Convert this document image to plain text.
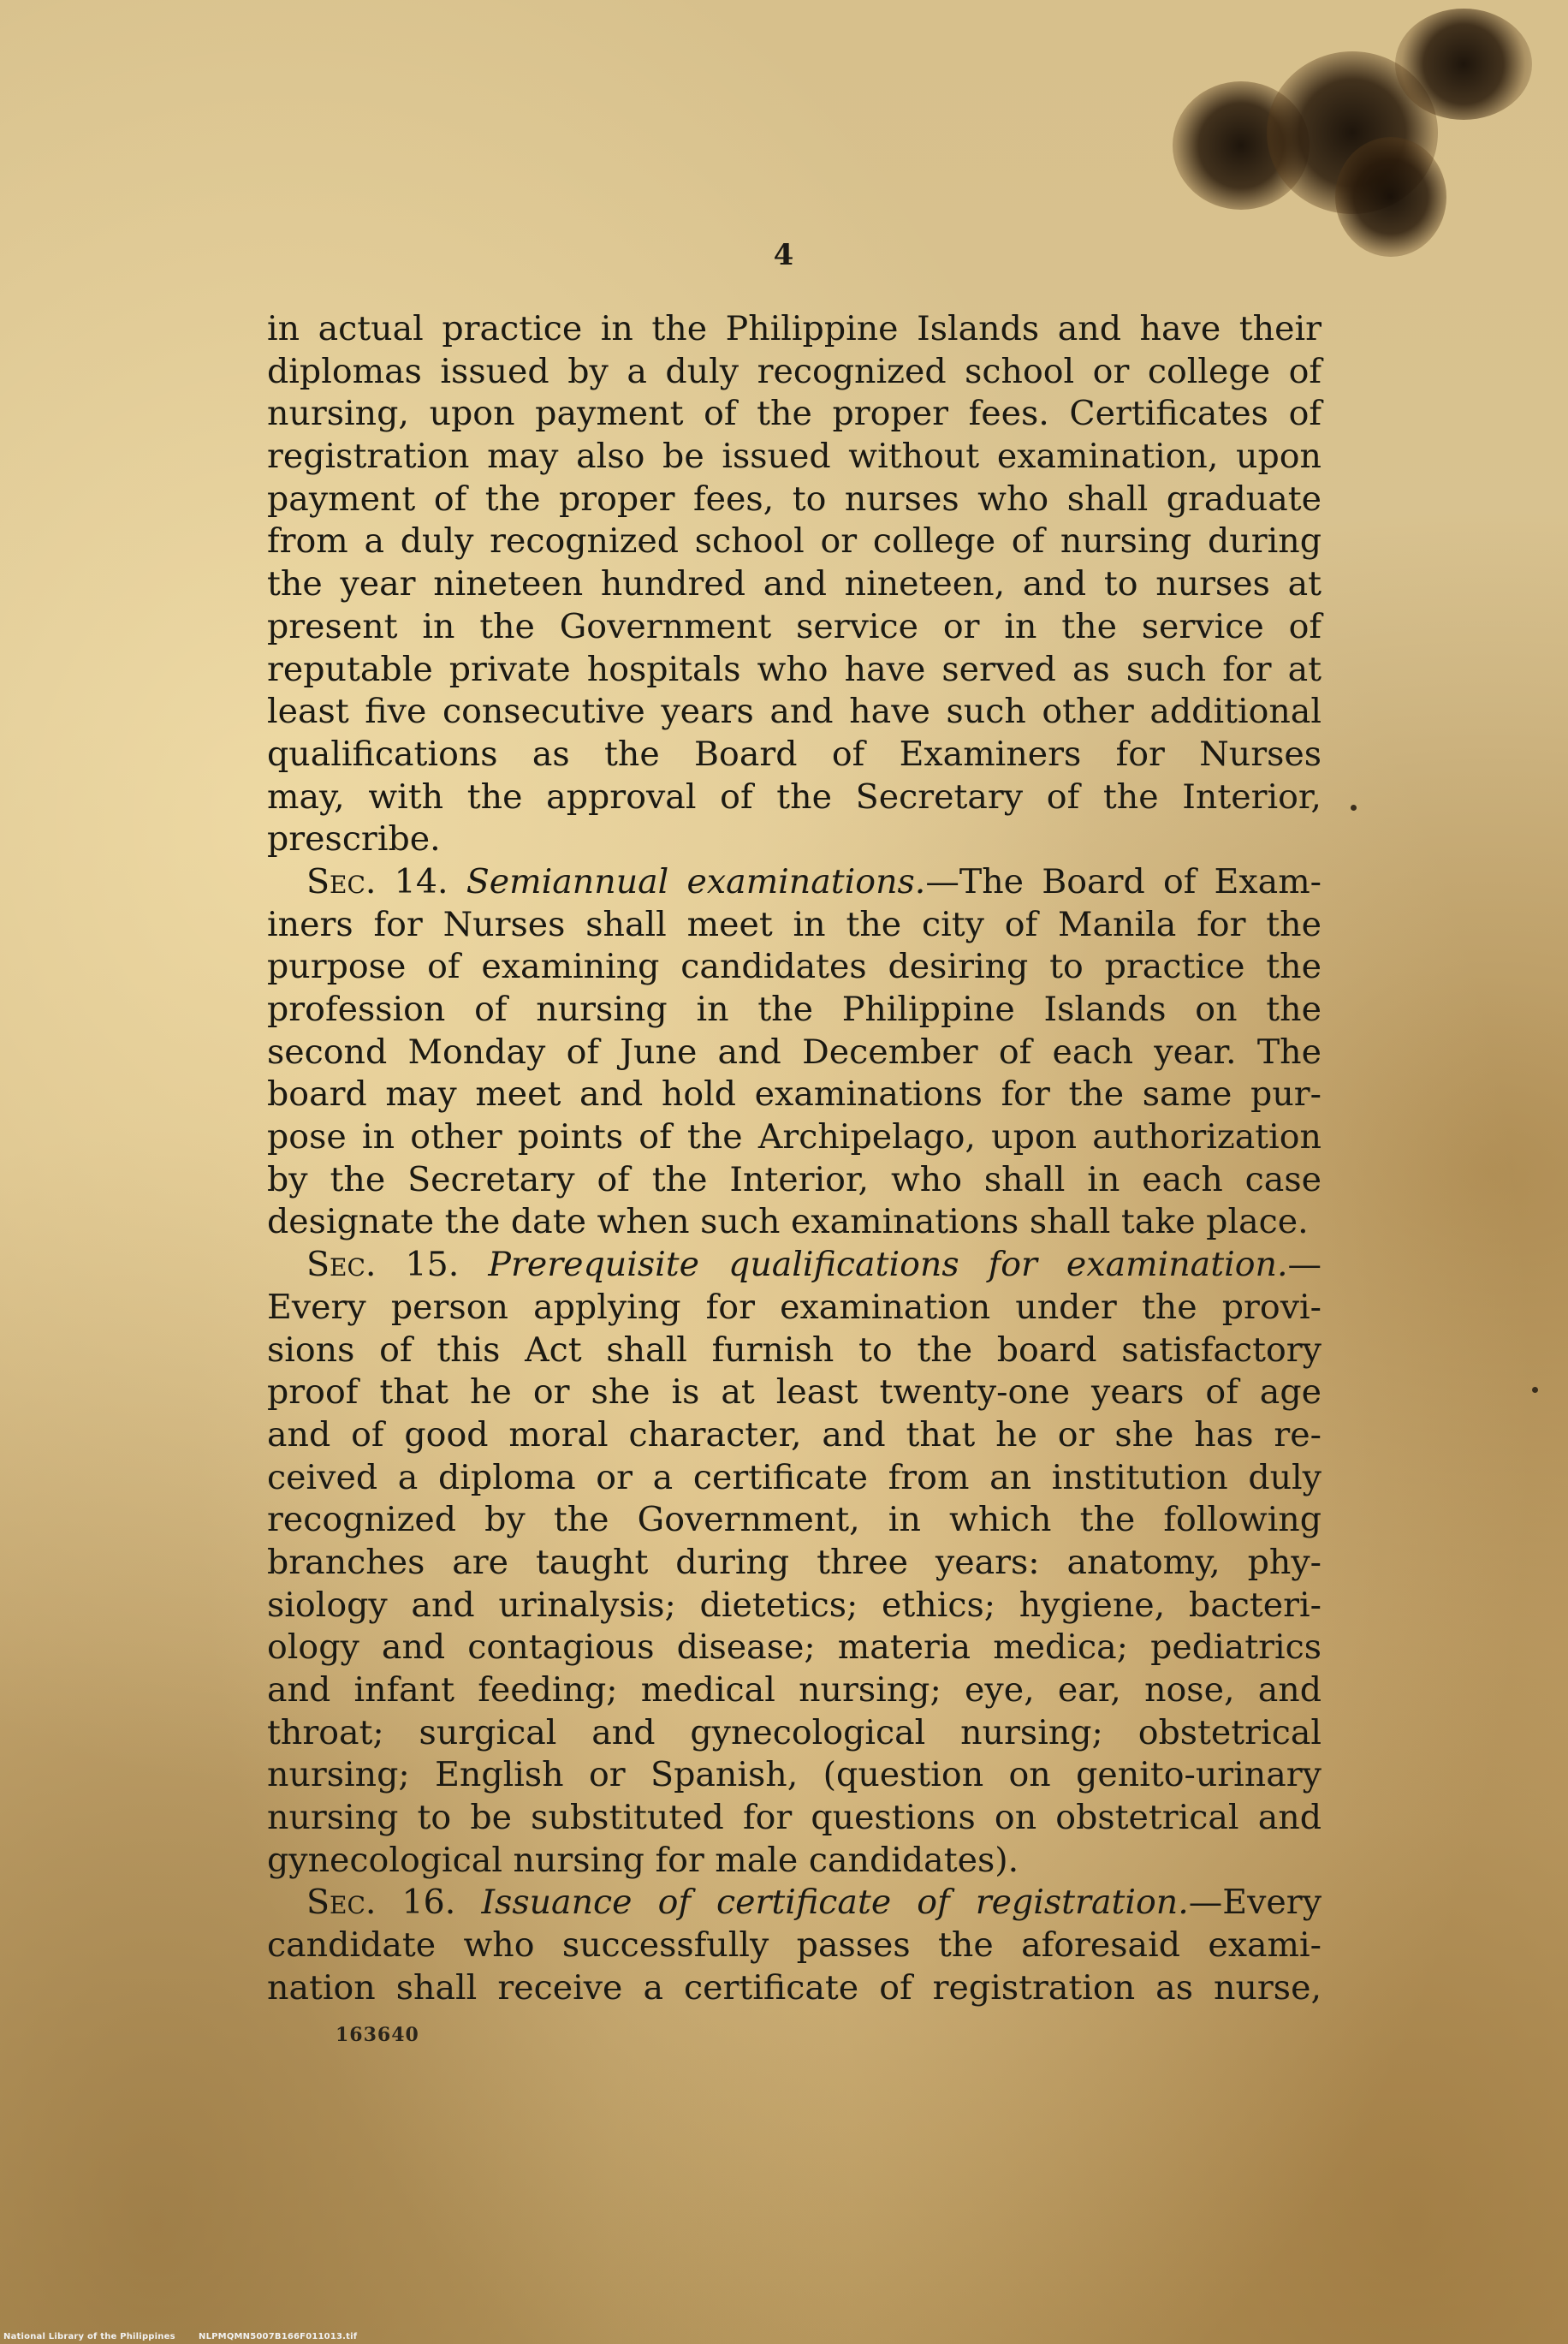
4
in actual practice in the Philippine Islands and have their
diplomas issued by a duly recognized school or college of
nursing, upon payment of the proper fees. Certificates of
registration may also be issued without examination, upon
payment of the proper fees, to nurses who shall graduate
from a duly recognized school or college of nursing during
the year nineteen hundred and nineteen, and to nurses at
present in the Government service or in the service of
reputable private hospitals who have served as such for at
least five consecutive years and have such other additional
qualifications as the Board of Examiners for Nurses
may, with the approval of the Secretary of the Interior,
prescribe.
Sec. 14. Semiannual examinations.—The Board of Exam-
iners for Nurses shall meet in the city of Manila for the
purpose of examining candidates desiring to practice the
profession of nursing in the Philippine Islands on the
second Monday of June and December of each year. The
board may meet and hold examinations for the same pur-
pose in other points of the Archipelago, upon authorization
by the Secretary of the Interior, who shall in each case
designate the date when such examinations shall take place.
Sec. 15. Prerequisite qualifications for examination.—
Every person applying for examination under the provi-
sions of this Act shall furnish to the board satisfactory
proof that he or she is at least twenty-one years of age
and of good moral character, and that he or she has re-
ceived a diploma or a certificate from an institution duly
recognized by the Government, in which the following
branches are taught during three years: anatomy, phy-
siology and urinalysis; dietetics; ethics; hygiene, bacteri-
ology and contagious disease; materia medica; pediatrics
and infant feeding; medical nursing; eye, ear, nose, and
throat; surgical and gynecological nursing; obstetrical
nursing; English or Spanish, (question on genito-urinary
nursing to be substituted for questions on obstetrical and
gynecological nursing for male candidates).
Sec. 16. Issuance of certificate of registration.—Every
candidate who successfully passes the aforesaid exami-
nation shall receive a certificate of registration as nurse,
163640
National Library of the Philippines	NLPMQMN5007B166F011013.tif
